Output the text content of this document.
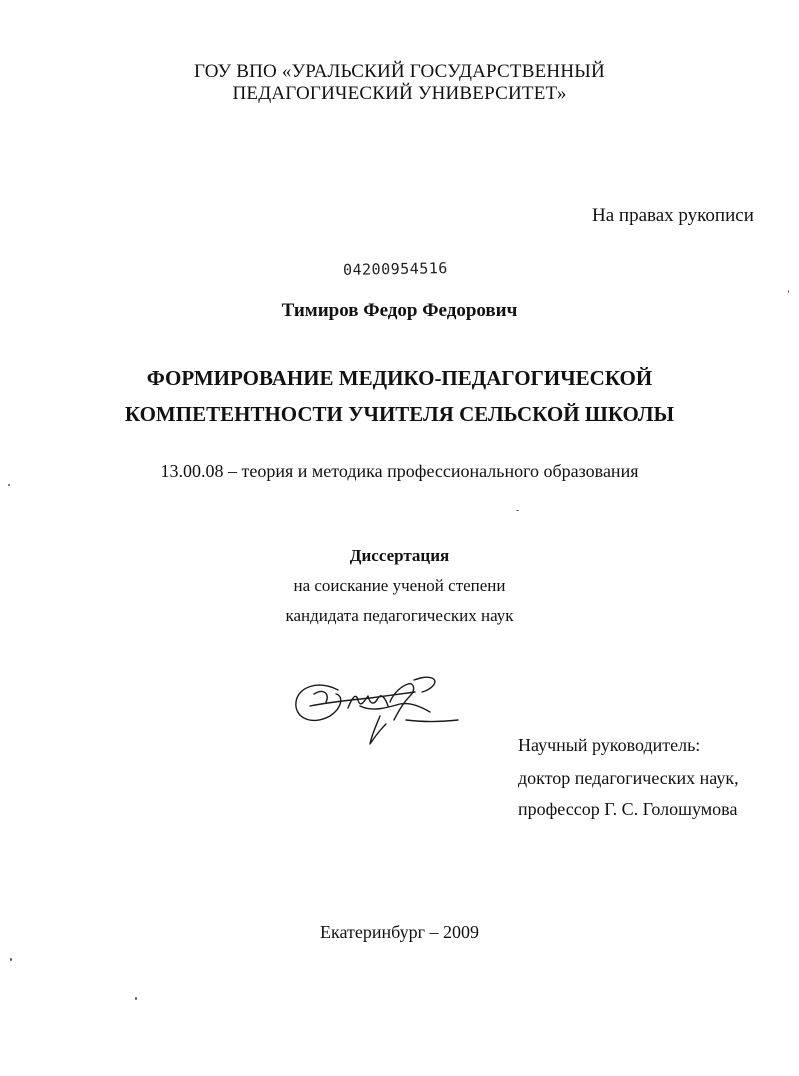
ГОУ ВПО «УРАЛЬСКИЙ ГОСУДАРСТВЕННЫЙ
ПЕДАГОГИЧЕСКИЙ УНИВЕРСИТЕТ»
На правах рукописи
04200954516
Тимиров Федор Федорович
ФОРМИРОВАНИЕ МЕДИКО-ПЕДАГОГИЧЕСКОЙ
КОМПЕТЕНТНОСТИ УЧИТЕЛЯ СЕЛЬСКОЙ ШКОЛЫ
13.00.08 – теория и методика профессионального образования
Диссертация
на соискание ученой степени
кандидата педагогических наук
Научный руководитель:
доктор педагогических наук,
профессор Г. С. Голошумова
Екатеринбург – 2009
